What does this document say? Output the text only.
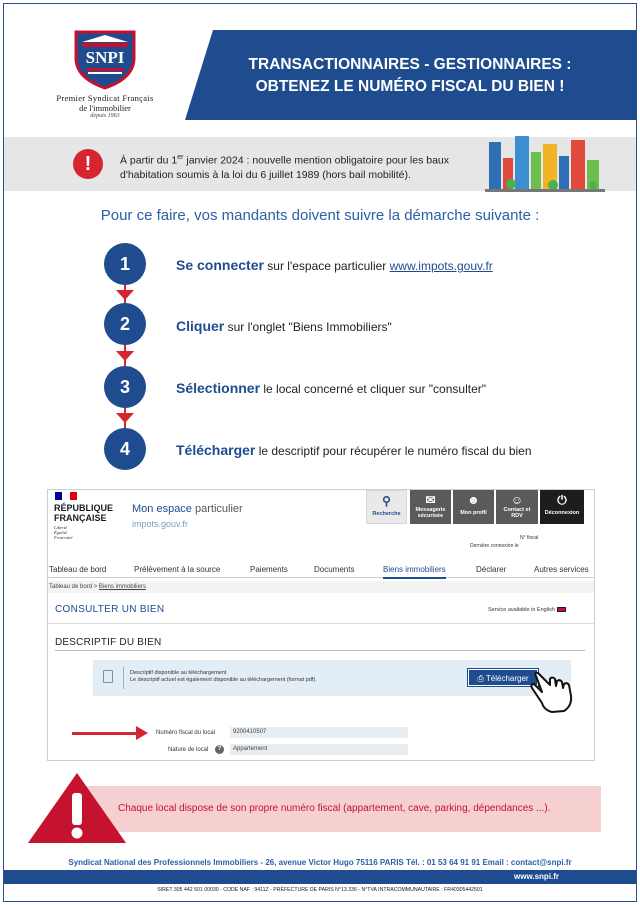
SNPI
Premier Syndicat Français
de l'immobilier
depuis 1963
TRANSACTIONNAIRES - GESTIONNAIRES :
OBTENEZ LE NUMÉRO FISCAL DU BIEN !
!	À partir du 1er janvier 2024 : nouvelle mention obligatoire pour les baux d'habitation soumis à la loi du 6 juillet 1989 (hors bail mobilité).
Pour ce faire, vos mandants doivent suivre la démarche suivante :
1
2
3
4
Se connecter sur l'espace particulier www.impots.gouv.fr
Cliquer sur l'onglet "Biens Immobiliers"
Sélectionner le local concerné et cliquer sur "consulter"
Télécharger le descriptif pour récupérer le numéro fiscal du bien
RÉPUBLIQUE
FRANÇAISE
Liberté
Égalité
Fraternité
Mon espace particulier
impots.gouv.fr
⚲
Recherche
✉
Messagerie
sécurisée
☻
Mon profil
☺
Contact et
RDV
⏻
Déconnexion
N° fiscal
Dernière connexion le
Tableau de bord	Prélèvement à la source	Paiements	Documents	Biens immobiliers	Déclarer	Autres services
Tableau de bord > Biens immobiliers
CONSULTER UN BIEN	Service available in English
DESCRIPTIF DU BIEN
Descriptif disponible au téléchargement
Le descriptif actuel est également disponible au téléchargement (format pdf).	⎙ Télécharger
Numéro fiscal du local	9200410507
Nature de local	?	Appartement
Chaque local dispose de son propre numéro fiscal (appartement, cave, parking, dépendances ...).
Syndicat National des Professionnels Immobiliers - 26, avenue Victor Hugo 75116 PARIS Tél. : 01 53 64 91 91 Email : contact@snpi.fr
www.snpi.fr
SIRET 305 442 501 00030 - CODE NAF : 9411Z - PRÉFECTURE DE PARIS N°13.336 - N°TVA INTRACOMMUNAUTAIRE : FR40305442501
